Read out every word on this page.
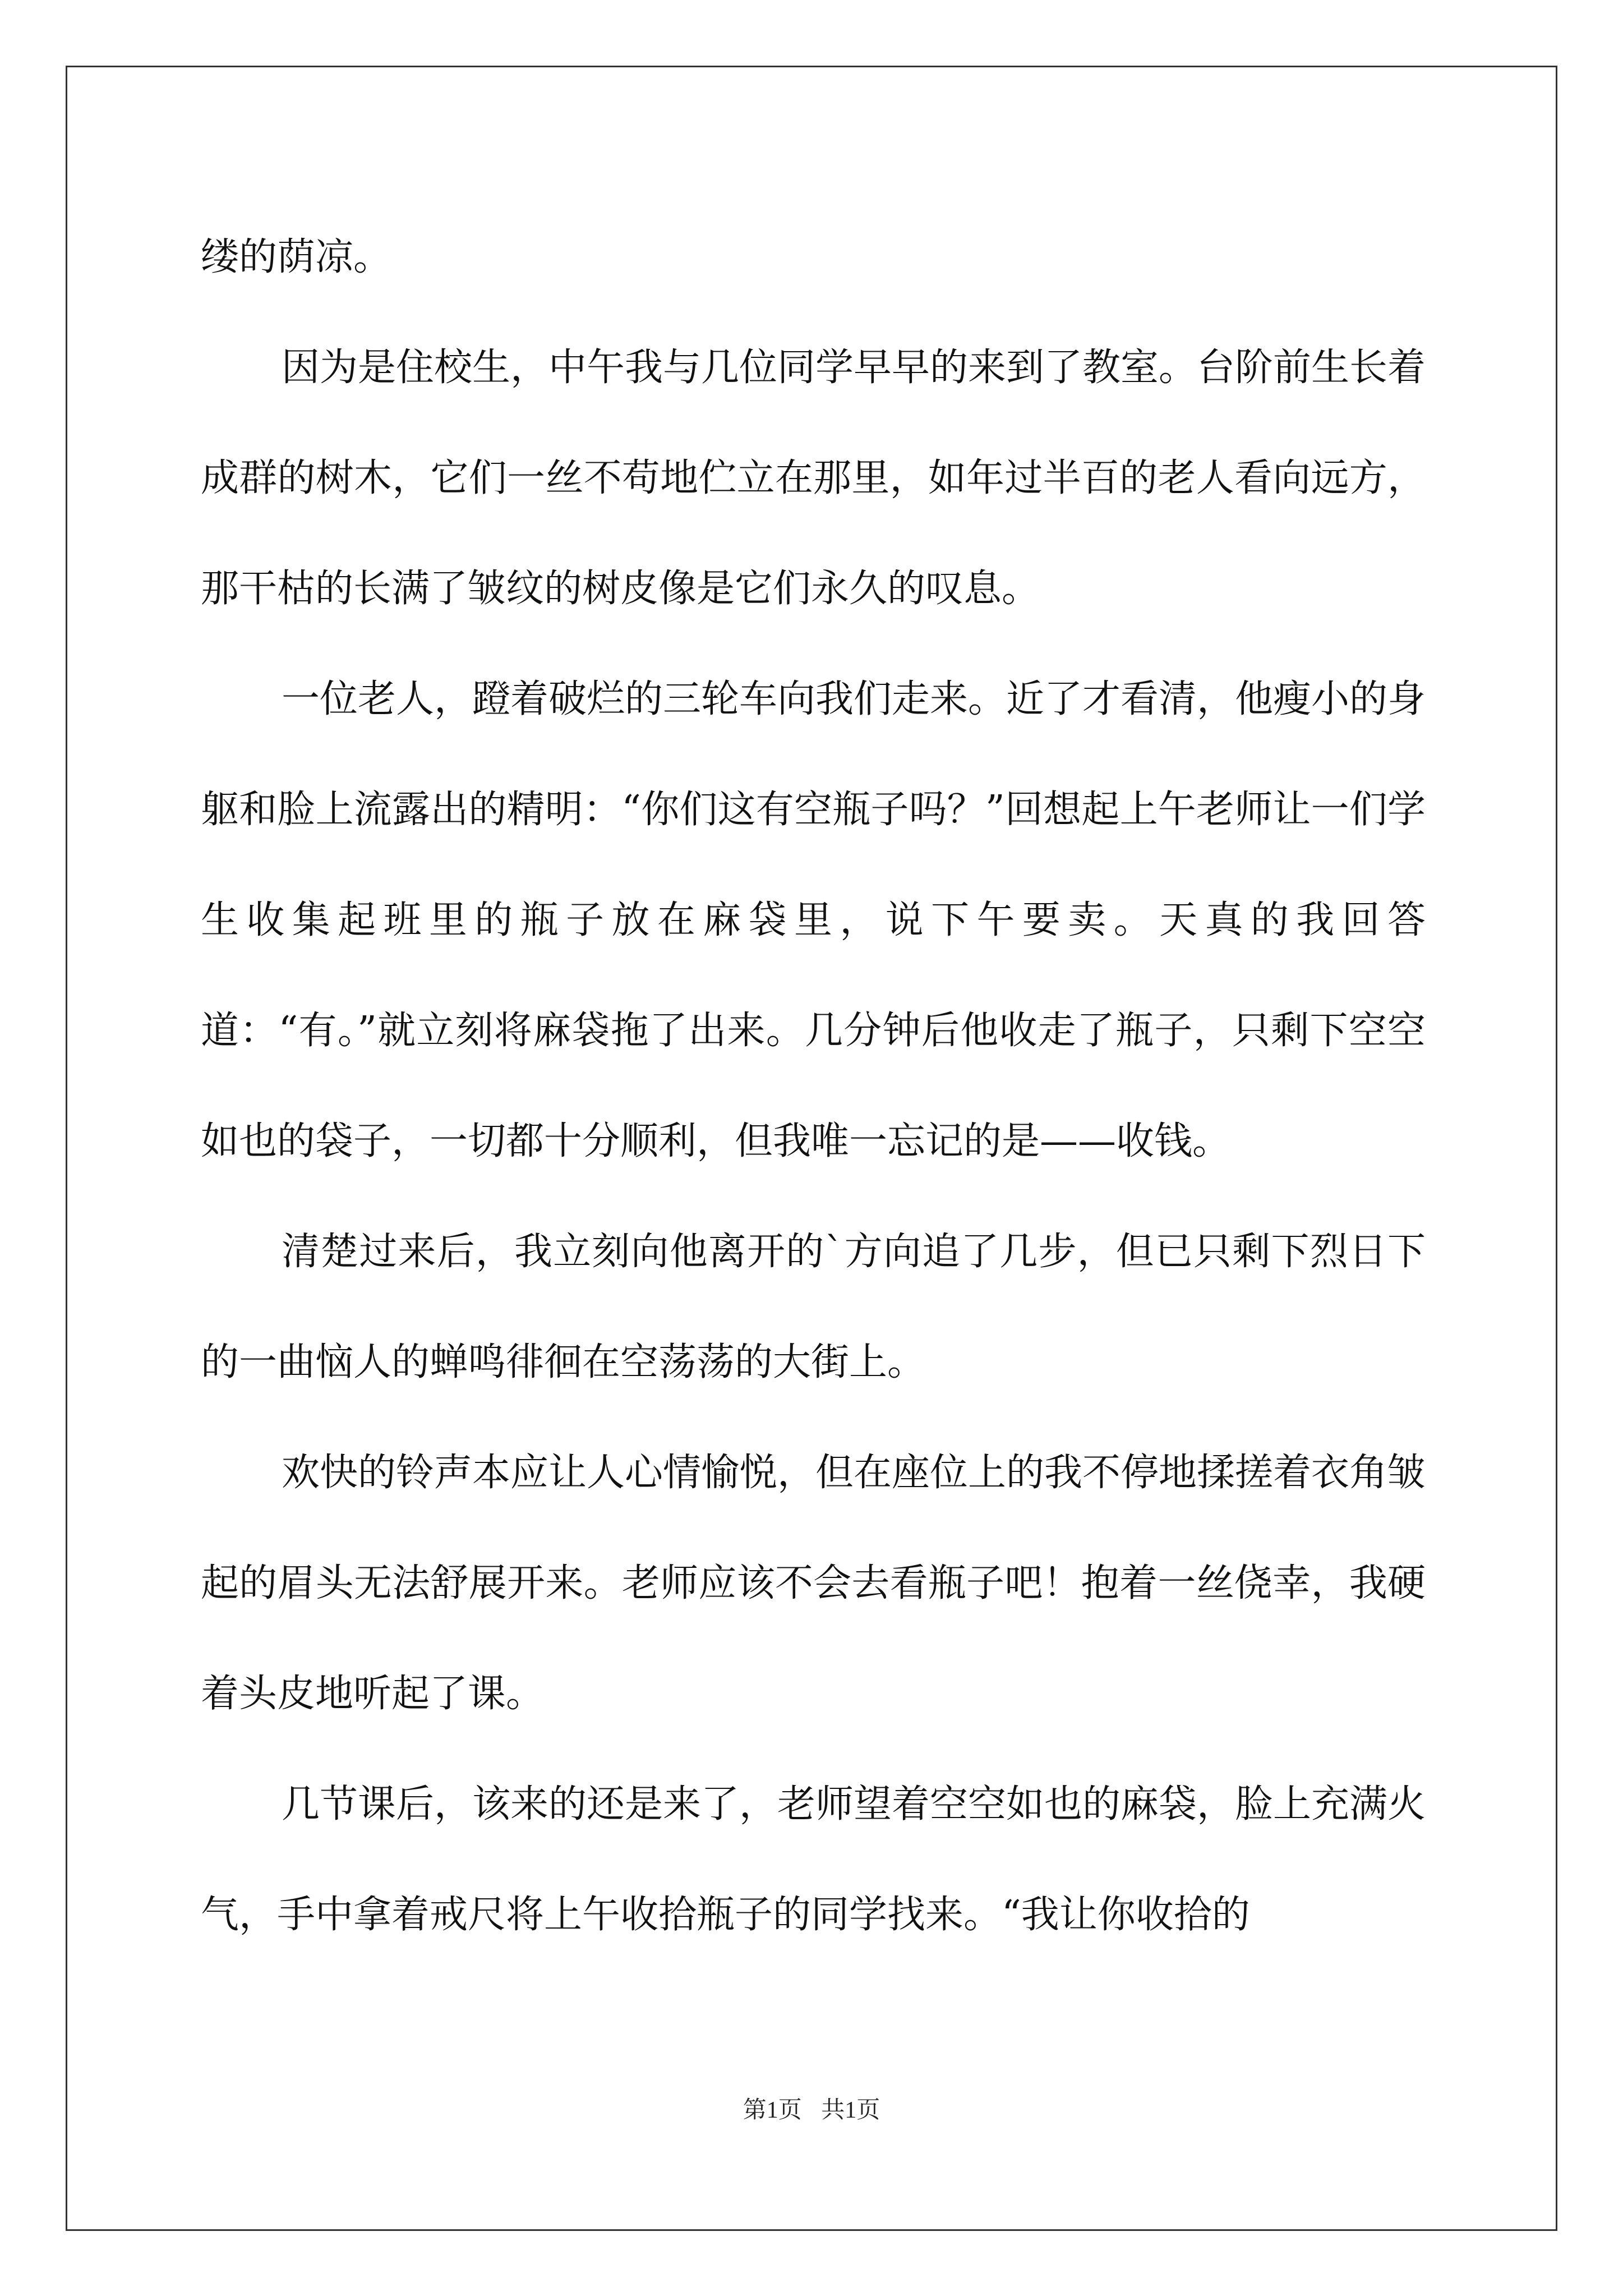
缕的荫凉。

因为是住校生，中午我与几位同学早早的来到了教室。台阶前生长着成群的树木，它们一丝不苟地伫立在那里，如年过半百的老人看向远方，那干枯的长满了皱纹的树皮像是它们永久的叹息。

一位老人，蹬着破烂的三轮车向我们走来。近了才看清，他瘦小的身躯和脸上流露出的精明：“你们这有空瓶子吗？”回想起上午老师让一们学生收集起班里的瓶子放在麻袋里，说下午要卖。天真的我回答道：“有。”就立刻将麻袋拖了出来。几分钟后他收走了瓶子，只剩下空空如也的袋子，一切都十分顺利，但我唯一忘记的是——收钱。

清楚过来后，我立刻向他离开的`方向追了几步，但已只剩下烈日下的一曲恼人的蝉鸣徘徊在空荡荡的大街上。

欢快的铃声本应让人心情愉悦，但在座位上的我不停地揉搓着衣角皱起的眉头无法舒展开来。老师应该不会去看瓶子吧！抱着一丝侥幸，我硬着头皮地听起了课。

几节课后，该来的还是来了，老师望着空空如也的麻袋，脸上充满火气，手中拿着戒尺将上午收拾瓶子的同学找来。“我让你收拾的

第1页 共1页
